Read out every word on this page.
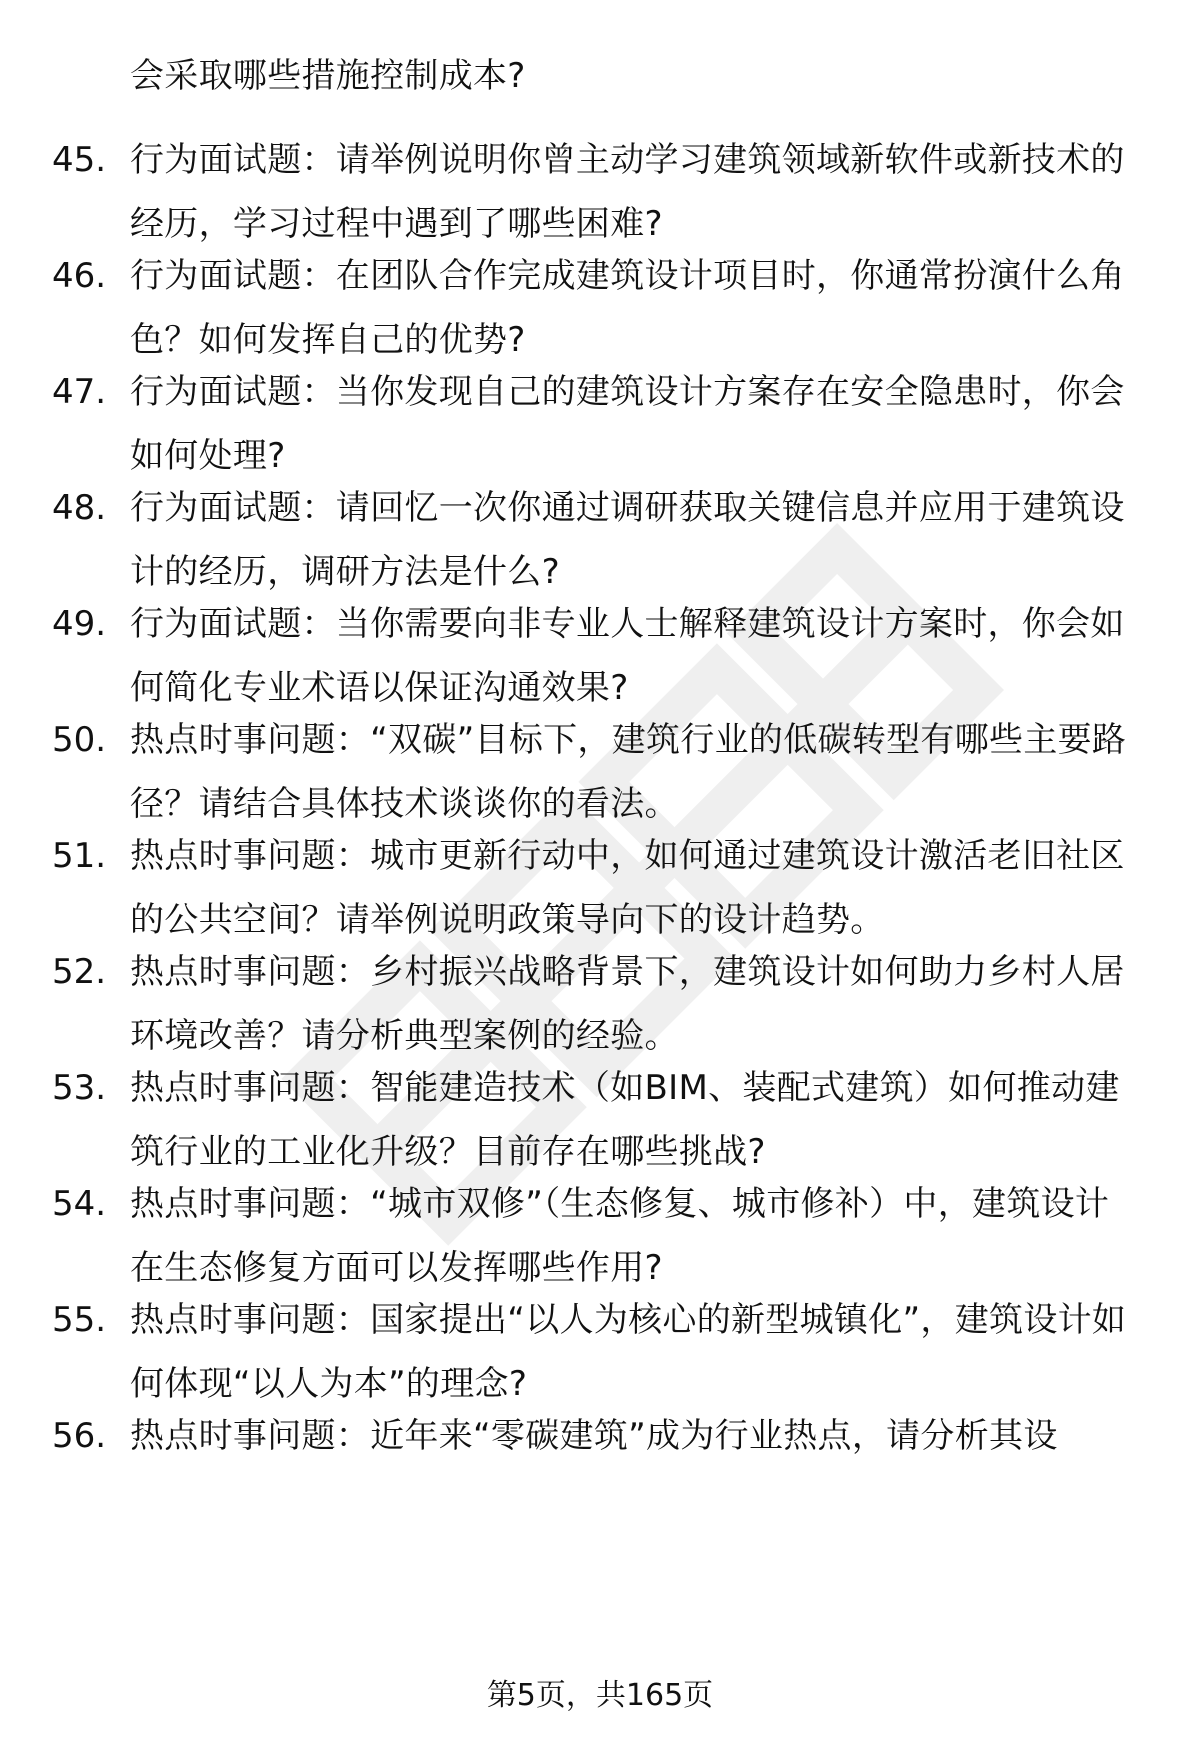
会采取哪些措施控制成本?
45. 行为面试题：请举例说明你曾主动学习建筑领域新软件或新技术的经历，学习过程中遇到了哪些困难?
46. 行为面试题：在团队合作完成建筑设计项目时，你通常扮演什么角色？如何发挥自己的优势?
47. 行为面试题：当你发现自己的建筑设计方案存在安全隐患时，你会如何处理?
48. 行为面试题：请回忆一次你通过调研获取关键信息并应用于建筑设计的经历，调研方法是什么?
49. 行为面试题：当你需要向非专业人士解释建筑设计方案时，你会如何简化专业术语以保证沟通效果?
50. 热点时事问题：“双碳”目标下，建筑行业的低碳转型有哪些主要路径？请结合具体技术谈谈你的看法。
51. 热点时事问题：城市更新行动中，如何通过建筑设计激活老旧社区的公共空间？请举例说明政策导向下的设计趋势。
52. 热点时事问题：乡村振兴战略背景下，建筑设计如何助力乡村人居环境改善？请分析典型案例的经验。
53. 热点时事问题：智能建造技术（如BIM、装配式建筑）如何推动建筑行业的工业化升级？目前存在哪些挑战?
54. 热点时事问题：“城市双修”（生态修复、城市修补）中，建筑设计在生态修复方面可以发挥哪些作用?
55. 热点时事问题：国家提出“以人为核心的新型城镇化”，建筑设计如何体现“以人为本”的理念?
56. 热点时事问题：近年来“零碳建筑”成为行业热点，请分析其设
第5页，共165页
